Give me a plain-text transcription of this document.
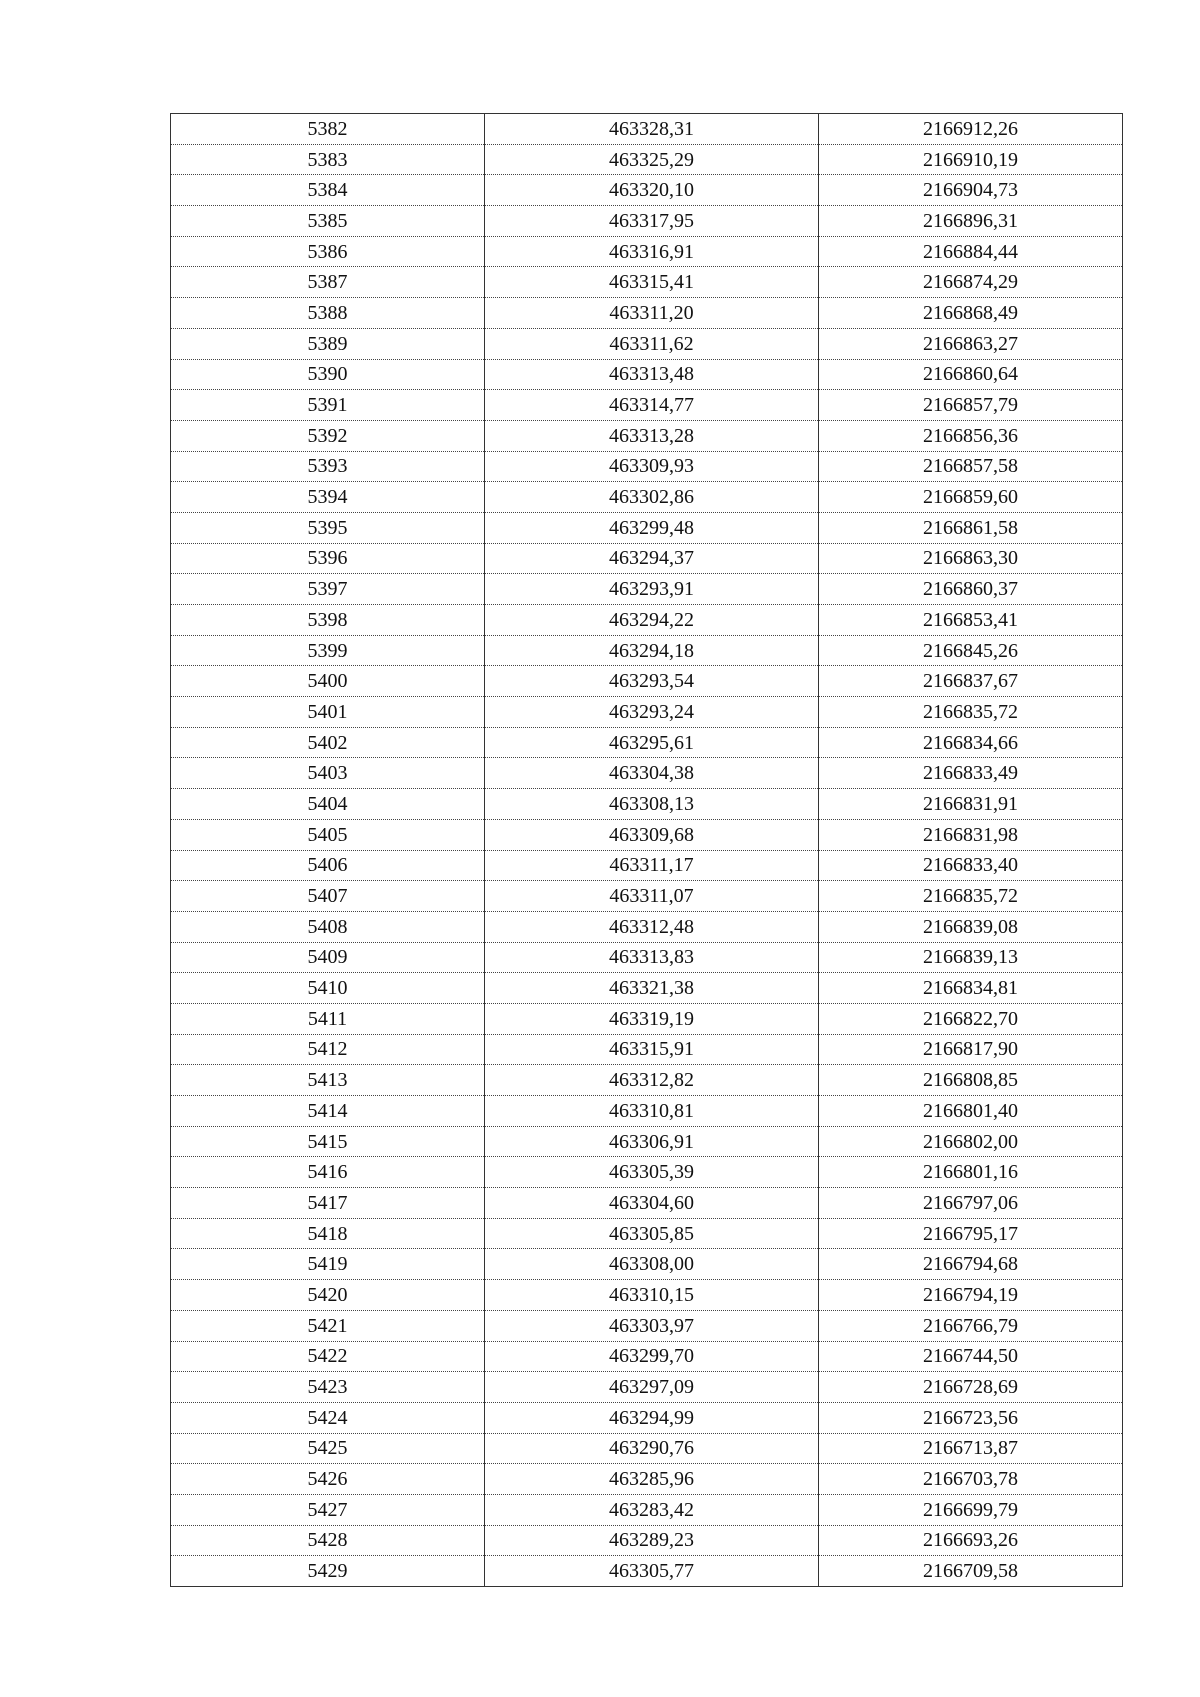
5382	463328,31	2166912,26
5383	463325,29	2166910,19
5384	463320,10	2166904,73
5385	463317,95	2166896,31
5386	463316,91	2166884,44
5387	463315,41	2166874,29
5388	463311,20	2166868,49
5389	463311,62	2166863,27
5390	463313,48	2166860,64
5391	463314,77	2166857,79
5392	463313,28	2166856,36
5393	463309,93	2166857,58
5394	463302,86	2166859,60
5395	463299,48	2166861,58
5396	463294,37	2166863,30
5397	463293,91	2166860,37
5398	463294,22	2166853,41
5399	463294,18	2166845,26
5400	463293,54	2166837,67
5401	463293,24	2166835,72
5402	463295,61	2166834,66
5403	463304,38	2166833,49
5404	463308,13	2166831,91
5405	463309,68	2166831,98
5406	463311,17	2166833,40
5407	463311,07	2166835,72
5408	463312,48	2166839,08
5409	463313,83	2166839,13
5410	463321,38	2166834,81
5411	463319,19	2166822,70
5412	463315,91	2166817,90
5413	463312,82	2166808,85
5414	463310,81	2166801,40
5415	463306,91	2166802,00
5416	463305,39	2166801,16
5417	463304,60	2166797,06
5418	463305,85	2166795,17
5419	463308,00	2166794,68
5420	463310,15	2166794,19
5421	463303,97	2166766,79
5422	463299,70	2166744,50
5423	463297,09	2166728,69
5424	463294,99	2166723,56
5425	463290,76	2166713,87
5426	463285,96	2166703,78
5427	463283,42	2166699,79
5428	463289,23	2166693,26
5429	463305,77	2166709,58
